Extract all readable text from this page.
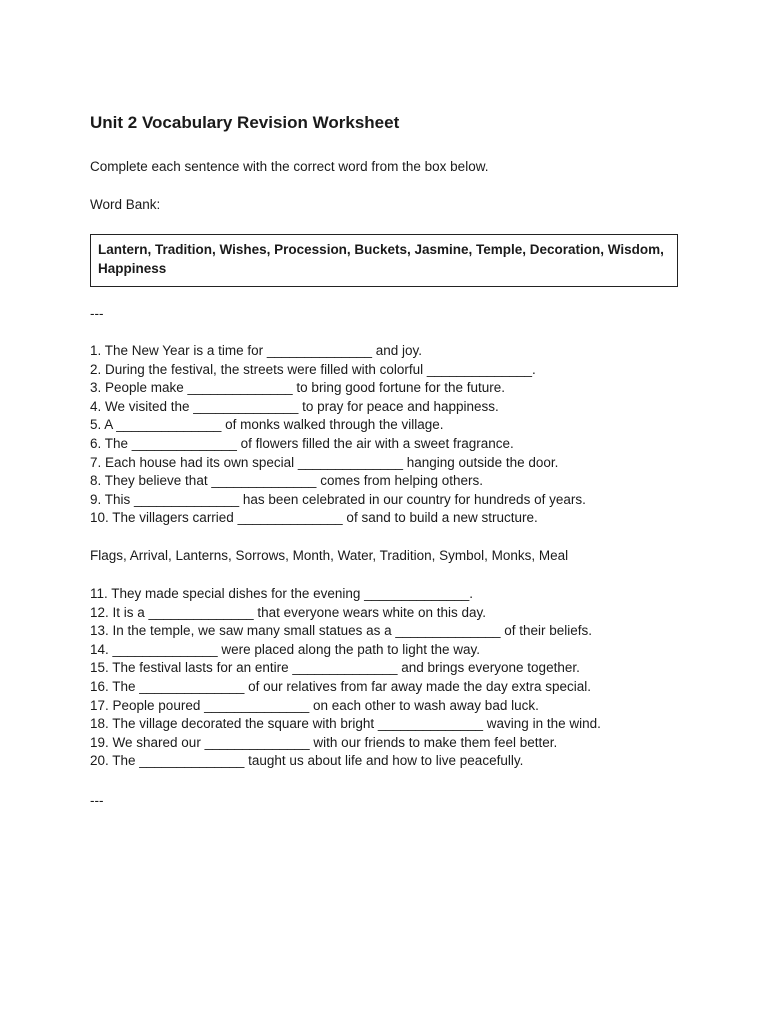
Unit 2 Vocabulary Revision Worksheet
Complete each sentence with the correct word from the box below.
Word Bank:
Lantern, Tradition, Wishes, Procession, Buckets, Jasmine, Temple, Decoration, Wisdom, Happiness
---
1. The New Year is a time for ______________ and joy.
2. During the festival, the streets were filled with colorful ______________.
3. People make ______________ to bring good fortune for the future.
4. We visited the ______________ to pray for peace and happiness.
5. A ______________ of monks walked through the village.
6. The ______________ of flowers filled the air with a sweet fragrance.
7. Each house had its own special ______________ hanging outside the door.
8. They believe that ______________ comes from helping others.
9. This ______________ has been celebrated in our country for hundreds of years.
10. The villagers carried ______________ of sand to build a new structure.
Flags, Arrival, Lanterns, Sorrows, Month, Water, Tradition, Symbol, Monks, Meal
11. They made special dishes for the evening ______________.
12. It is a ______________ that everyone wears white on this day.
13. In the temple, we saw many small statues as a ______________ of their beliefs.
14. ______________ were placed along the path to light the way.
15. The festival lasts for an entire ______________ and brings everyone together.
16. The ______________ of our relatives from far away made the day extra special.
17. People poured ______________ on each other to wash away bad luck.
18. The village decorated the square with bright ______________ waving in the wind.
19. We shared our ______________ with our friends to make them feel better.
20. The ______________ taught us about life and how to live peacefully.
---
